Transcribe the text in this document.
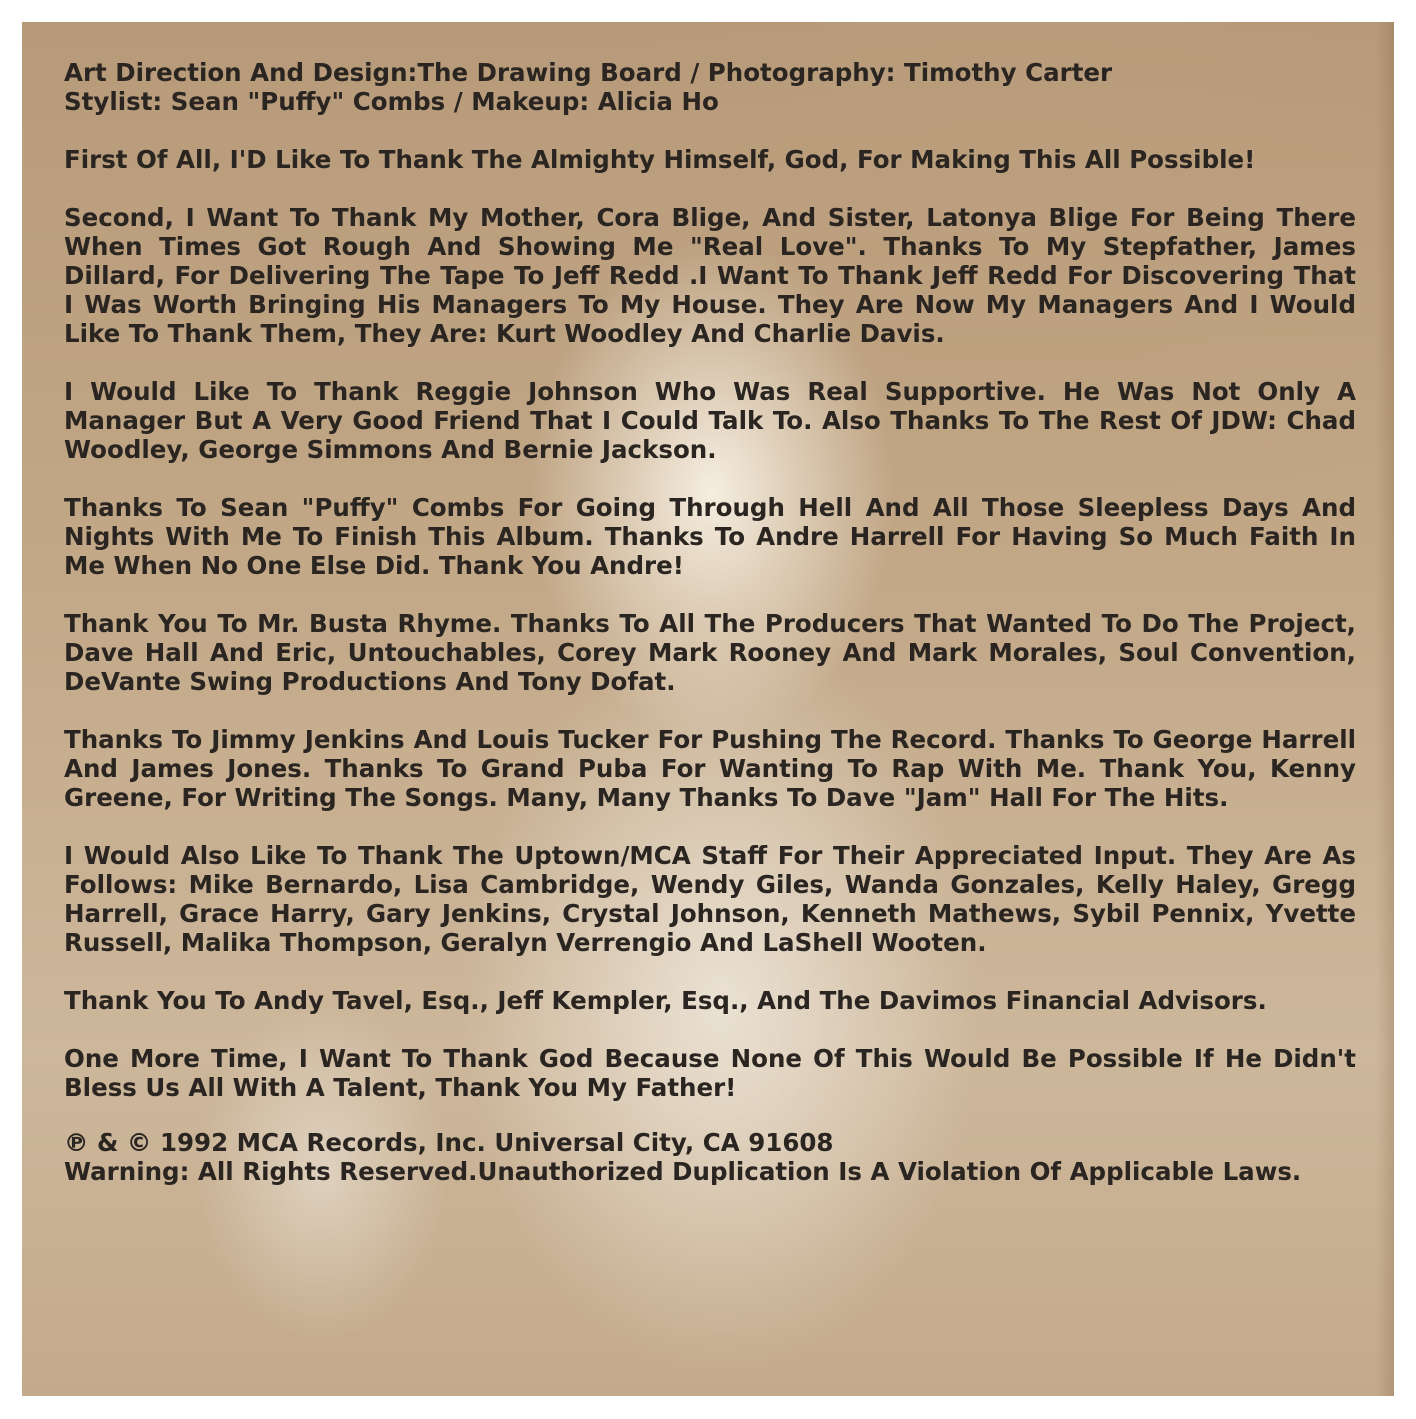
Art Direction And Design:The Drawing Board / Photography: Timothy Carter
Stylist: Sean "Puffy" Combs / Makeup: Alicia Ho
First Of All, I'D Like To Thank The Almighty Himself, God, For Making This All Possible!
Second, I Want To Thank My Mother, Cora Blige, And Sister, Latonya Blige For Being There When Times Got Rough And Showing Me "Real Love". Thanks To My Stepfather, James Dillard, For Delivering The Tape To Jeff Redd .I Want To Thank Jeff Redd For Discovering That I Was Worth Bringing His Managers To My House. They Are Now My Managers And I Would Like To Thank Them, They Are: Kurt Woodley And Charlie Davis.
I Would Like To Thank Reggie Johnson Who Was Real Supportive. He Was Not Only A Manager But A Very Good Friend That I Could Talk To. Also Thanks To The Rest Of JDW: Chad Woodley, George Simmons And Bernie Jackson.
Thanks To Sean "Puffy" Combs For Going Through Hell And All Those Sleepless Days And Nights With Me To Finish This Album. Thanks To Andre Harrell For Having So Much Faith In Me When No One Else Did. Thank You Andre!
Thank You To Mr. Busta Rhyme. Thanks To All The Producers That Wanted To Do The Project, Dave Hall And Eric, Untouchables, Corey Mark Rooney And Mark Morales, Soul Convention, DeVante Swing Productions And Tony Dofat.
Thanks To Jimmy Jenkins And Louis Tucker For Pushing The Record. Thanks To George Harrell And James Jones. Thanks To Grand Puba For Wanting To Rap With Me. Thank You, Kenny Greene, For Writing The Songs. Many, Many Thanks To Dave "Jam" Hall For The Hits.
I Would Also Like To Thank The Uptown/MCA Staff For Their Appreciated Input. They Are As Follows: Mike Bernardo, Lisa Cambridge, Wendy Giles, Wanda Gonzales, Kelly Haley, Gregg Harrell, Grace Harry, Gary Jenkins, Crystal Johnson, Kenneth Mathews, Sybil Pennix, Yvette Russell, Malika Thompson, Geralyn Verrengio And LaShell Wooten.
Thank You To Andy Tavel, Esq., Jeff Kempler, Esq., And The Davimos Financial Advisors.
One More Time, I Want To Thank God Because None Of This Would Be Possible If He Didn't Bless Us All With A Talent, Thank You My Father!
℗ & © 1992 MCA Records, Inc. Universal City, CA 91608
Warning: All Rights Reserved.Unauthorized Duplication Is A Violation Of Applicable Laws.
